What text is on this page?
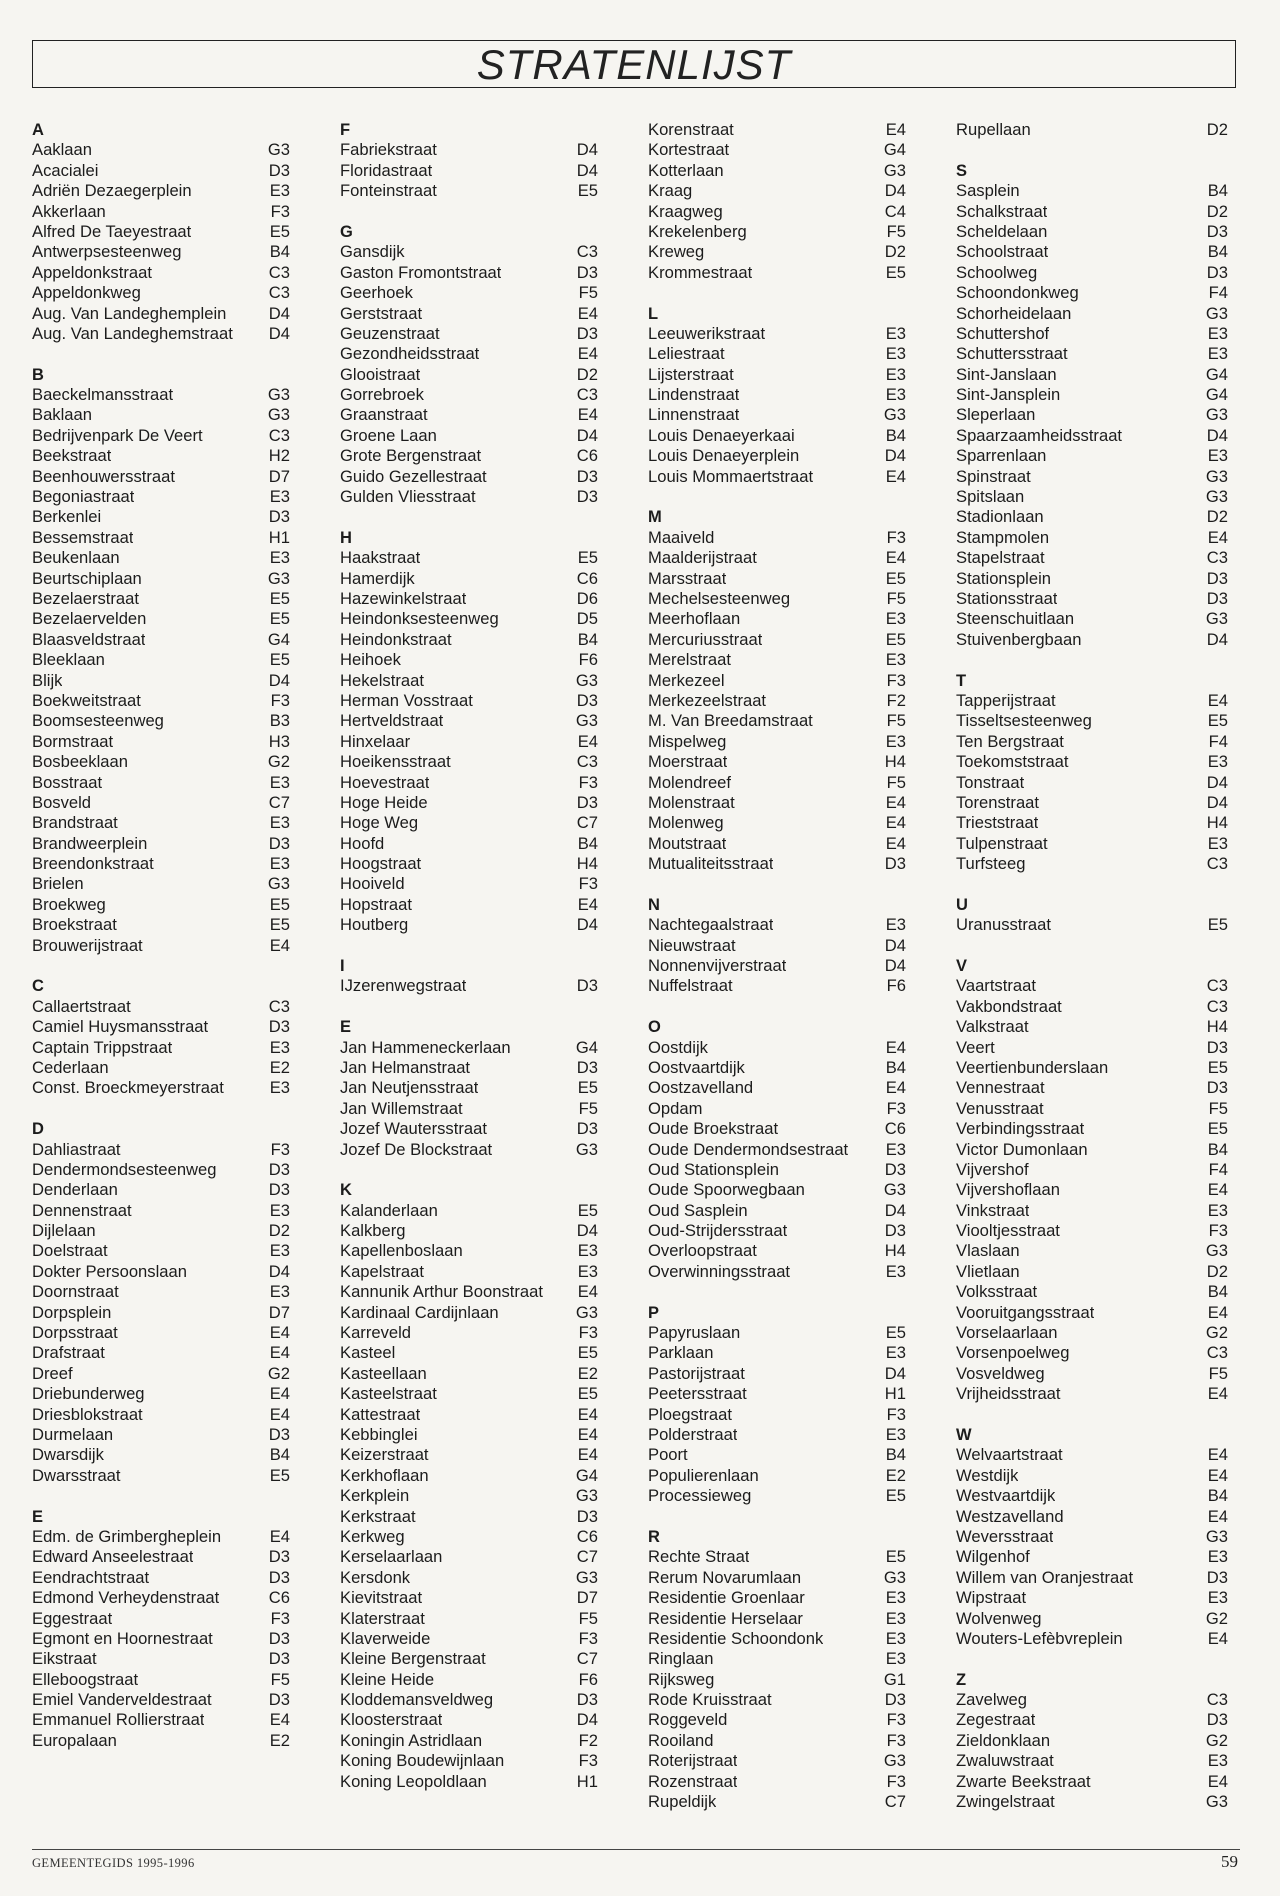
STRATENLIJST
A
Aaklaan	G3
Acacialei	D3
Adriën Dezaegerplein	E3
Akkerlaan	F3
Alfred De Taeyestraat	E5
Antwerpsesteenweg	B4
Appeldonkstraat	C3
Appeldonkweg	C3
Aug. Van Landeghemplein	D4
Aug. Van Landeghemstraat	D4
B
Baeckelmansstraat	G3
Baklaan	G3
Bedrijvenpark De Veert	C3
Beekstraat	H2
Beenhouwersstraat	D7
Begoniastraat	E3
Berkenlei	D3
Bessemstraat	H1
Beukenlaan	E3
Beurtschiplaan	G3
Bezelaerstraat	E5
Bezelaervelden	E5
Blaasveldstraat	G4
Bleeklaan	E5
Blijk	D4
Boekweitstraat	F3
Boomsesteenweg	B3
Bormstraat	H3
Bosbeeklaan	G2
Bosstraat	E3
Bosveld	C7
Brandstraat	E3
Brandweerplein	D3
Breendonkstraat	E3
Brielen	G3
Broekweg	E5
Broekstraat	E5
Brouwerijstraat	E4
C
Callaertstraat	C3
Camiel Huysmansstraat	D3
Captain Trippstraat	E3
Cederlaan	E2
Const. Broeckmeyerstraat	E3
D
Dahliastraat	F3
Dendermondsesteenweg	D3
Denderlaan	D3
Dennenstraat	E3
Dijlelaan	D2
Doelstraat	E3
Dokter Persoonslaan	D4
Doornstraat	E3
Dorpsplein	D7
Dorpsstraat	E4
Drafstraat	E4
Dreef	G2
Driebunderweg	E4
Driesblokstraat	E4
Durmelaan	D3
Dwarsdijk	B4
Dwarsstraat	E5
E
Edm. de Grimbergheplein	E4
Edward Anseelestraat	D3
Eendrachtstraat	D3
Edmond Verheydenstraat	C6
Eggestraat	F3
Egmont en Hoornestraat	D3
Eikstraat	D3
Elleboogstraat	F5
Emiel Vanderveldestraat	D3
Emmanuel Rollierstraat	E4
Europalaan	E2
F
Fabriekstraat	D4
Floridastraat	D4
Fonteinstraat	E5
G
Gansdijk	C3
Gaston Fromontstraat	D3
Geerhoek	F5
Gerststraat	E4
Geuzenstraat	D3
Gezondheidsstraat	E4
Glooistraat	D2
Gorrebroek	C3
Graanstraat	E4
Groene Laan	D4
Grote Bergenstraat	C6
Guido Gezellestraat	D3
Gulden Vliesstraat	D3
H
Haakstraat	E5
Hamerdijk	C6
Hazewinkelstraat	D6
Heindonksesteenweg	D5
Heindonkstraat	B4
Heihoek	F6
Hekelstraat	G3
Herman Vosstraat	D3
Hertveldstraat	G3
Hinxelaar	E4
Hoeikensstraat	C3
Hoevestraat	F3
Hoge Heide	D3
Hoge Weg	C7
Hoofd	B4
Hoogstraat	H4
Hooiveld	F3
Hopstraat	E4
Houtberg	D4
I
IJzerenwegstraat	D3
E
Jan Hammeneckerlaan	G4
Jan Helmanstraat	D3
Jan Neutjensstraat	E5
Jan Willemstraat	F5
Jozef Wautersstraat	D3
Jozef De Blockstraat	G3
K
Kalanderlaan	E5
Kalkberg	D4
Kapellenboslaan	E3
Kapelstraat	E3
Kannunik Arthur Boonstraat	E4
Kardinaal Cardijnlaan	G3
Karreveld	F3
Kasteel	E5
Kasteellaan	E2
Kasteelstraat	E5
Kattestraat	E4
Kebbinglei	E4
Keizerstraat	E4
Kerkhoflaan	G4
Kerkplein	G3
Kerkstraat	D3
Kerkweg	C6
Kerselaarlaan	C7
Kersdonk	G3
Kievitstraat	D7
Klaterstraat	F5
Klaverweide	F3
Kleine Bergenstraat	C7
Kleine Heide	F6
Kloddemansveldweg	D3
Kloosterstraat	D4
Koningin Astridlaan	F2
Koning Boudewijnlaan	F3
Koning Leopoldlaan	H1
Korenstraat	E4
Kortestraat	G4
Kotterlaan	G3
Kraag	D4
Kraagweg	C4
Krekelenberg	F5
Kreweg	D2
Krommestraat	E5
L
Leeuwerikstraat	E3
Leliestraat	E3
Lijsterstraat	E3
Lindenstraat	E3
Linnenstraat	G3
Louis Denaeyerkaai	B4
Louis Denaeyerplein	D4
Louis Mommaertstraat	E4
M
Maaiveld	F3
Maalderijstraat	E4
Marsstraat	E5
Mechelsesteenweg	F5
Meerhoflaan	E3
Mercuriusstraat	E5
Merelstraat	E3
Merkezeel	F3
Merkezeelstraat	F2
M. Van Breedamstraat	F5
Mispelweg	E3
Moerstraat	H4
Molendreef	F5
Molenstraat	E4
Molenweg	E4
Moutstraat	E4
Mutualiteitsstraat	D3
N
Nachtegaalstraat	E3
Nieuwstraat	D4
Nonnenvijverstraat	D4
Nuffelstraat	F6
O
Oostdijk	E4
Oostvaartdijk	B4
Oostzavelland	E4
Opdam	F3
Oude Broekstraat	C6
Oude Dendermondsestraat	E3
Oud Stationsplein	D3
Oude Spoorwegbaan	G3
Oud Sasplein	D4
Oud-Strijdersstraat	D3
Overloopstraat	H4
Overwinningsstraat	E3
P
Papyruslaan	E5
Parklaan	E3
Pastorijstraat	D4
Peetersstraat	H1
Ploegstraat	F3
Polderstraat	E3
Poort	B4
Populierenlaan	E2
Processieweg	E5
R
Rechte Straat	E5
Rerum Novarumlaan	G3
Residentie Groenlaar	E3
Residentie Herselaar	E3
Residentie Schoondonk	E3
Ringlaan	E3
Rijksweg	G1
Rode Kruisstraat	D3
Roggeveld	F3
Rooiland	F3
Roterijstraat	G3
Rozenstraat	F3
Rupeldijk	C7
Rupellaan	D2
S
Sasplein	B4
Schalkstraat	D2
Scheldelaan	D3
Schoolstraat	B4
Schoolweg	D3
Schoondonkweg	F4
Schorheidelaan	G3
Schuttershof	E3
Schuttersstraat	E3
Sint-Janslaan	G4
Sint-Jansplein	G4
Sleperlaan	G3
Spaarzaamheidsstraat	D4
Sparrenlaan	E3
Spinstraat	G3
Spitslaan	G3
Stadionlaan	D2
Stampmolen	E4
Stapelstraat	C3
Stationsplein	D3
Stationsstraat	D3
Steenschuitlaan	G3
Stuivenbergbaan	D4
T
Tapperijstraat	E4
Tisseltsesteenweg	E5
Ten Bergstraat	F4
Toekomststraat	E3
Tonstraat	D4
Torenstraat	D4
Trieststraat	H4
Tulpenstraat	E3
Turfsteeg	C3
U
Uranusstraat	E5
V
Vaartstraat	C3
Vakbondstraat	C3
Valkstraat	H4
Veert	D3
Veertienbunderslaan	E5
Vennestraat	D3
Venusstraat	F5
Verbindingsstraat	E5
Victor Dumonlaan	B4
Vijvershof	F4
Vijvershoflaan	E4
Vinkstraat	E3
Viooltjesstraat	F3
Vlaslaan	G3
Vlietlaan	D2
Volksstraat	B4
Vooruitgangsstraat	E4
Vorselaarlaan	G2
Vorsenpoelweg	C3
Vosveldweg	F5
Vrijheidsstraat	E4
W
Welvaartstraat	E4
Westdijk	E4
Westvaartdijk	B4
Westzavelland	E4
Weversstraat	G3
Wilgenhof	E3
Willem van Oranjestraat	D3
Wipstraat	E3
Wolvenweg	G2
Wouters-Lefèbvreplein	E4
Z
Zavelweg	C3
Zegestraat	D3
Zieldonklaan	G2
Zwaluwstraat	E3
Zwarte Beekstraat	E4
Zwingelstraat	G3
GEMEENTEGIDS 1995-1996	59
